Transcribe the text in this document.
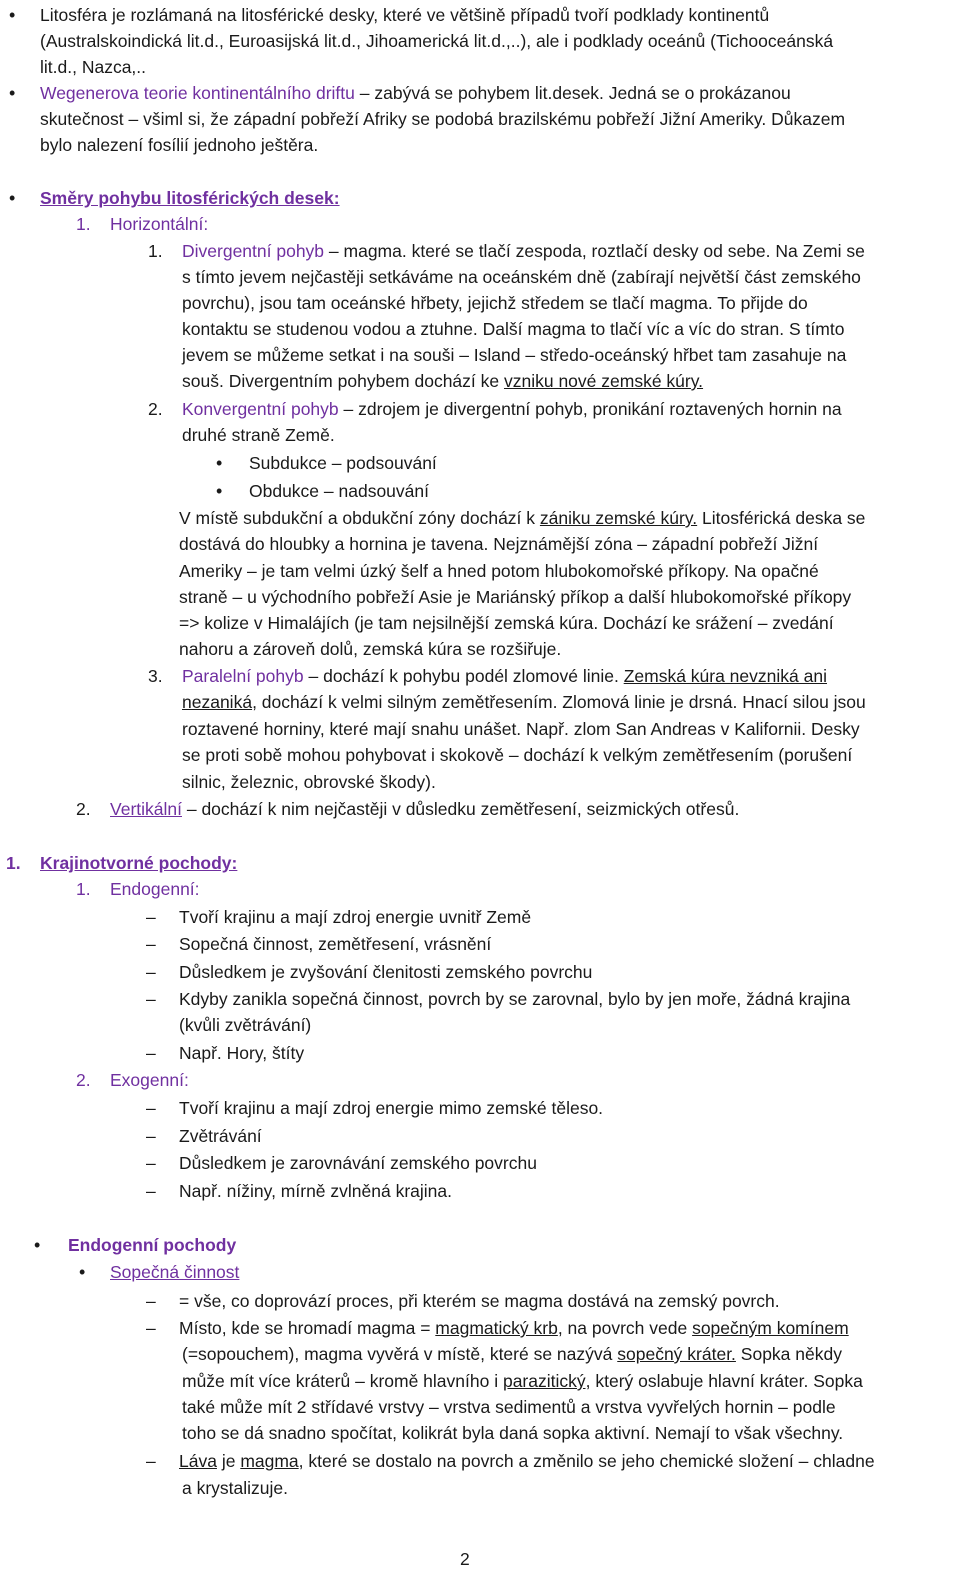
• Litosféra je rozlámaná na litosférické desky, které ve většině případů tvoří podklady kontinentů
(Australskoindická lit.d., Euroasijská lit.d., Jihoamerická lit.d.,..), ale i podklady oceánů (Tichooceánská
lit.d., Nazca,..
• Wegenerova teorie kontinentálního driftu – zabývá se pohybem lit.desek. Jedná se o prokázanou
skutečnost – všiml si, že západní pobřeží Afriky se podobá brazilskému pobřeží Jižní Ameriky. Důkazem
bylo nalezení fosílií jednoho ještěra.
• Směry pohybu litosférických desek:
1. Horizontální:
1. Divergentní pohyb – magma. které se tlačí zespoda, roztlačí desky od sebe. Na Zemi se
s tímto jevem nejčastěji setkáváme na oceánském dně (zabírají největší část zemského
povrchu), jsou tam oceánské hřbety, jejichž středem se tlačí magma. To přijde do
kontaktu se studenou vodou a ztuhne. Další magma to tlačí víc a víc do stran. S tímto
jevem se můžeme setkat i na souši – Island – středo-oceánský hřbet tam zasahuje na
souš. Divergentním pohybem dochází ke vzniku nové zemské kúry.
2. Konvergentní pohyb – zdrojem je divergentní pohyb, pronikání roztavených hornin na
druhé straně Země.
• Subdukce – podsouvání
• Obdukce – nadsouvání
V místě subdukční a obdukční zóny dochází k zániku zemské kúry. Litosférická deska se
dostává do hloubky a hornina je tavena. Nejznámější zóna – západní pobřeží Jižní
Ameriky – je tam velmi úzký šelf a hned potom hlubokomořské příkopy. Na opačné
straně – u východního pobřeží Asie je Mariánský příkop a další hlubokomořské příkopy
=> kolize v Himalájích (je tam nejsilnější zemská kúra. Dochází ke srážení – zvedání
nahoru a zároveň dolů, zemská kúra se rozšiřuje.
3. Paralelní pohyb – dochází k pohybu podél zlomové linie. Zemská kúra nevzniká ani
nezaniká, dochází k velmi silným zemětřesením. Zlomová linie je drsná. Hnací silou jsou
roztavené horniny, které mají snahu unášet. Např. zlom San Andreas v Kalifornii. Desky
se proti sobě mohou pohybovat i skokově – dochází k velkým zemětřesením (porušení
silnic, železnic, obrovské škody).
2. Vertikální – dochází k nim nejčastěji v důsledku zemětřesení, seizmických otřesů.
1. Krajinotvorné pochody:
1. Endogenní:
– Tvoří krajinu a mají zdroj energie uvnitř Země
– Sopečná činnost, zemětřesení, vrásnění
– Důsledkem je zvyšování členitosti zemského povrchu
– Kdyby zanikla sopečná činnost, povrch by se zarovnal, bylo by jen moře, žádná krajina
(kvůli zvětrávání)
– Např. Hory, štíty
2. Exogenní:
– Tvoří krajinu a mají zdroj energie mimo zemské těleso.
– Zvětrávání
– Důsledkem je zarovnávání zemského povrchu
– Např. nížiny, mírně zvlněná krajina.
• Endogenní pochody
• Sopečná činnost
– = vše, co doprovází proces, při kterém se magma dostává na zemský povrch.
– Místo, kde se hromadí magma = magmatický krb, na povrch vede sopečným komínem
(=sopouchem), magma vyvěrá v místě, které se nazývá sopečný kráter. Sopka někdy
může mít více kráterů – kromě hlavního i parazitický, který oslabuje hlavní kráter. Sopka
také může mít 2 střídavé vrstvy – vrstva sedimentů a vrstva vyvřelých hornin – podle
toho se dá snadno spočítat, kolikrát byla daná sopka aktivní. Nemají to však všechny.
– Láva je magma, které se dostalo na povrch a změnilo se jeho chemické složení – chladne
a krystalizuje.
2
